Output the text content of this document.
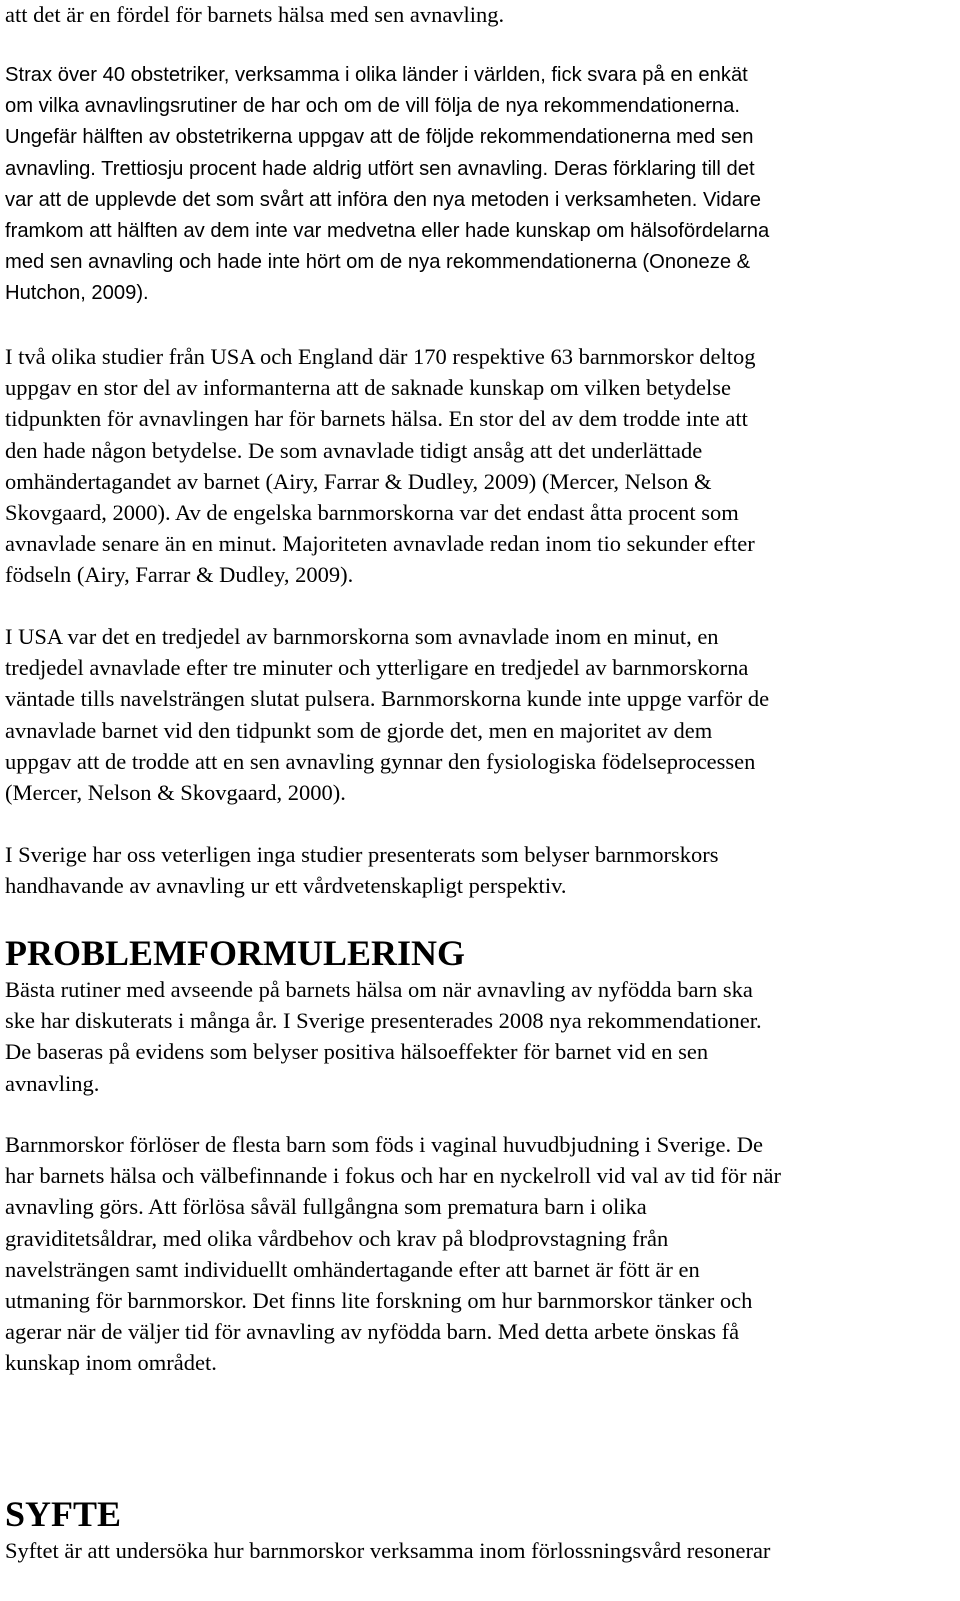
att det är en fördel för barnets hälsa med sen avnavling.

Strax över 40 obstetriker, verksamma i olika länder i världen, fick svara på en enkät
om vilka avnavlingsrutiner de har och om de vill följa de nya rekommendationerna.
Ungefär hälften av obstetrikerna uppgav att de följde rekommendationerna med sen
avnavling. Trettiosju procent hade aldrig utfört sen avnavling. Deras förklaring till det
var att de upplevde det som svårt att införa den nya metoden i verksamheten. Vidare
framkom att hälften av dem inte var medvetna eller hade kunskap om hälsofördelarna
med sen avnavling och hade inte hört om de nya rekommendationerna (Ononeze &
Hutchon, 2009).

I två olika studier från USA och England där 170 respektive 63 barnmorskor deltog
uppgav en stor del av informanterna att de saknade kunskap om vilken betydelse
tidpunkten för avnavlingen har för barnets hälsa. En stor del av dem trodde inte att
den hade någon betydelse. De som avnavlade tidigt ansåg att det underlättade
omhändertagandet av barnet (Airy, Farrar & Dudley, 2009) (Mercer, Nelson &
Skovgaard, 2000). Av de engelska barnmorskorna var det endast åtta procent som
avnavlade senare än en minut. Majoriteten avnavlade redan inom tio sekunder efter
födseln (Airy, Farrar & Dudley, 2009).

I USA var det en tredjedel av barnmorskorna som avnavlade inom en minut, en
tredjedel avnavlade efter tre minuter och ytterligare en tredjedel av barnmorskorna
väntade tills navelsträngen slutat pulsera. Barnmorskorna kunde inte uppge varför de
avnavlade barnet vid den tidpunkt som de gjorde det, men en majoritet av dem
uppgav att de trodde att en sen avnavling gynnar den fysiologiska födelseprocessen
(Mercer, Nelson & Skovgaard, 2000).

I Sverige har oss veterligen inga studier presenterats som belyser barnmorskors
handhavande av avnavling ur ett vårdvetenskapligt perspektiv.

PROBLEMFORMULERING

Bästa rutiner med avseende på barnets hälsa om när avnavling av nyfödda barn ska
ske har diskuterats i många år. I Sverige presenterades 2008 nya rekommendationer.
De baseras på evidens som belyser positiva hälsoeffekter för barnet vid en sen
avnavling.

Barnmorskor förlöser de flesta barn som föds i vaginal huvudbjudning i Sverige. De
har barnets hälsa och välbefinnande i fokus och har en nyckelroll vid val av tid för när
avnavling görs. Att förlösa såväl fullgångna som prematura barn i olika
graviditetsåldrar, med olika vårdbehov och krav på blodprovstagning från
navelsträngen samt individuellt omhändertagande efter att barnet är fött är en
utmaning för barnmorskor. Det finns lite forskning om hur barnmorskor tänker och
agerar när de väljer tid för avnavling av nyfödda barn. Med detta arbete önskas få
kunskap inom området.

SYFTE

Syftet är att undersöka hur barnmorskor verksamma inom förlossningsvård resonerar
